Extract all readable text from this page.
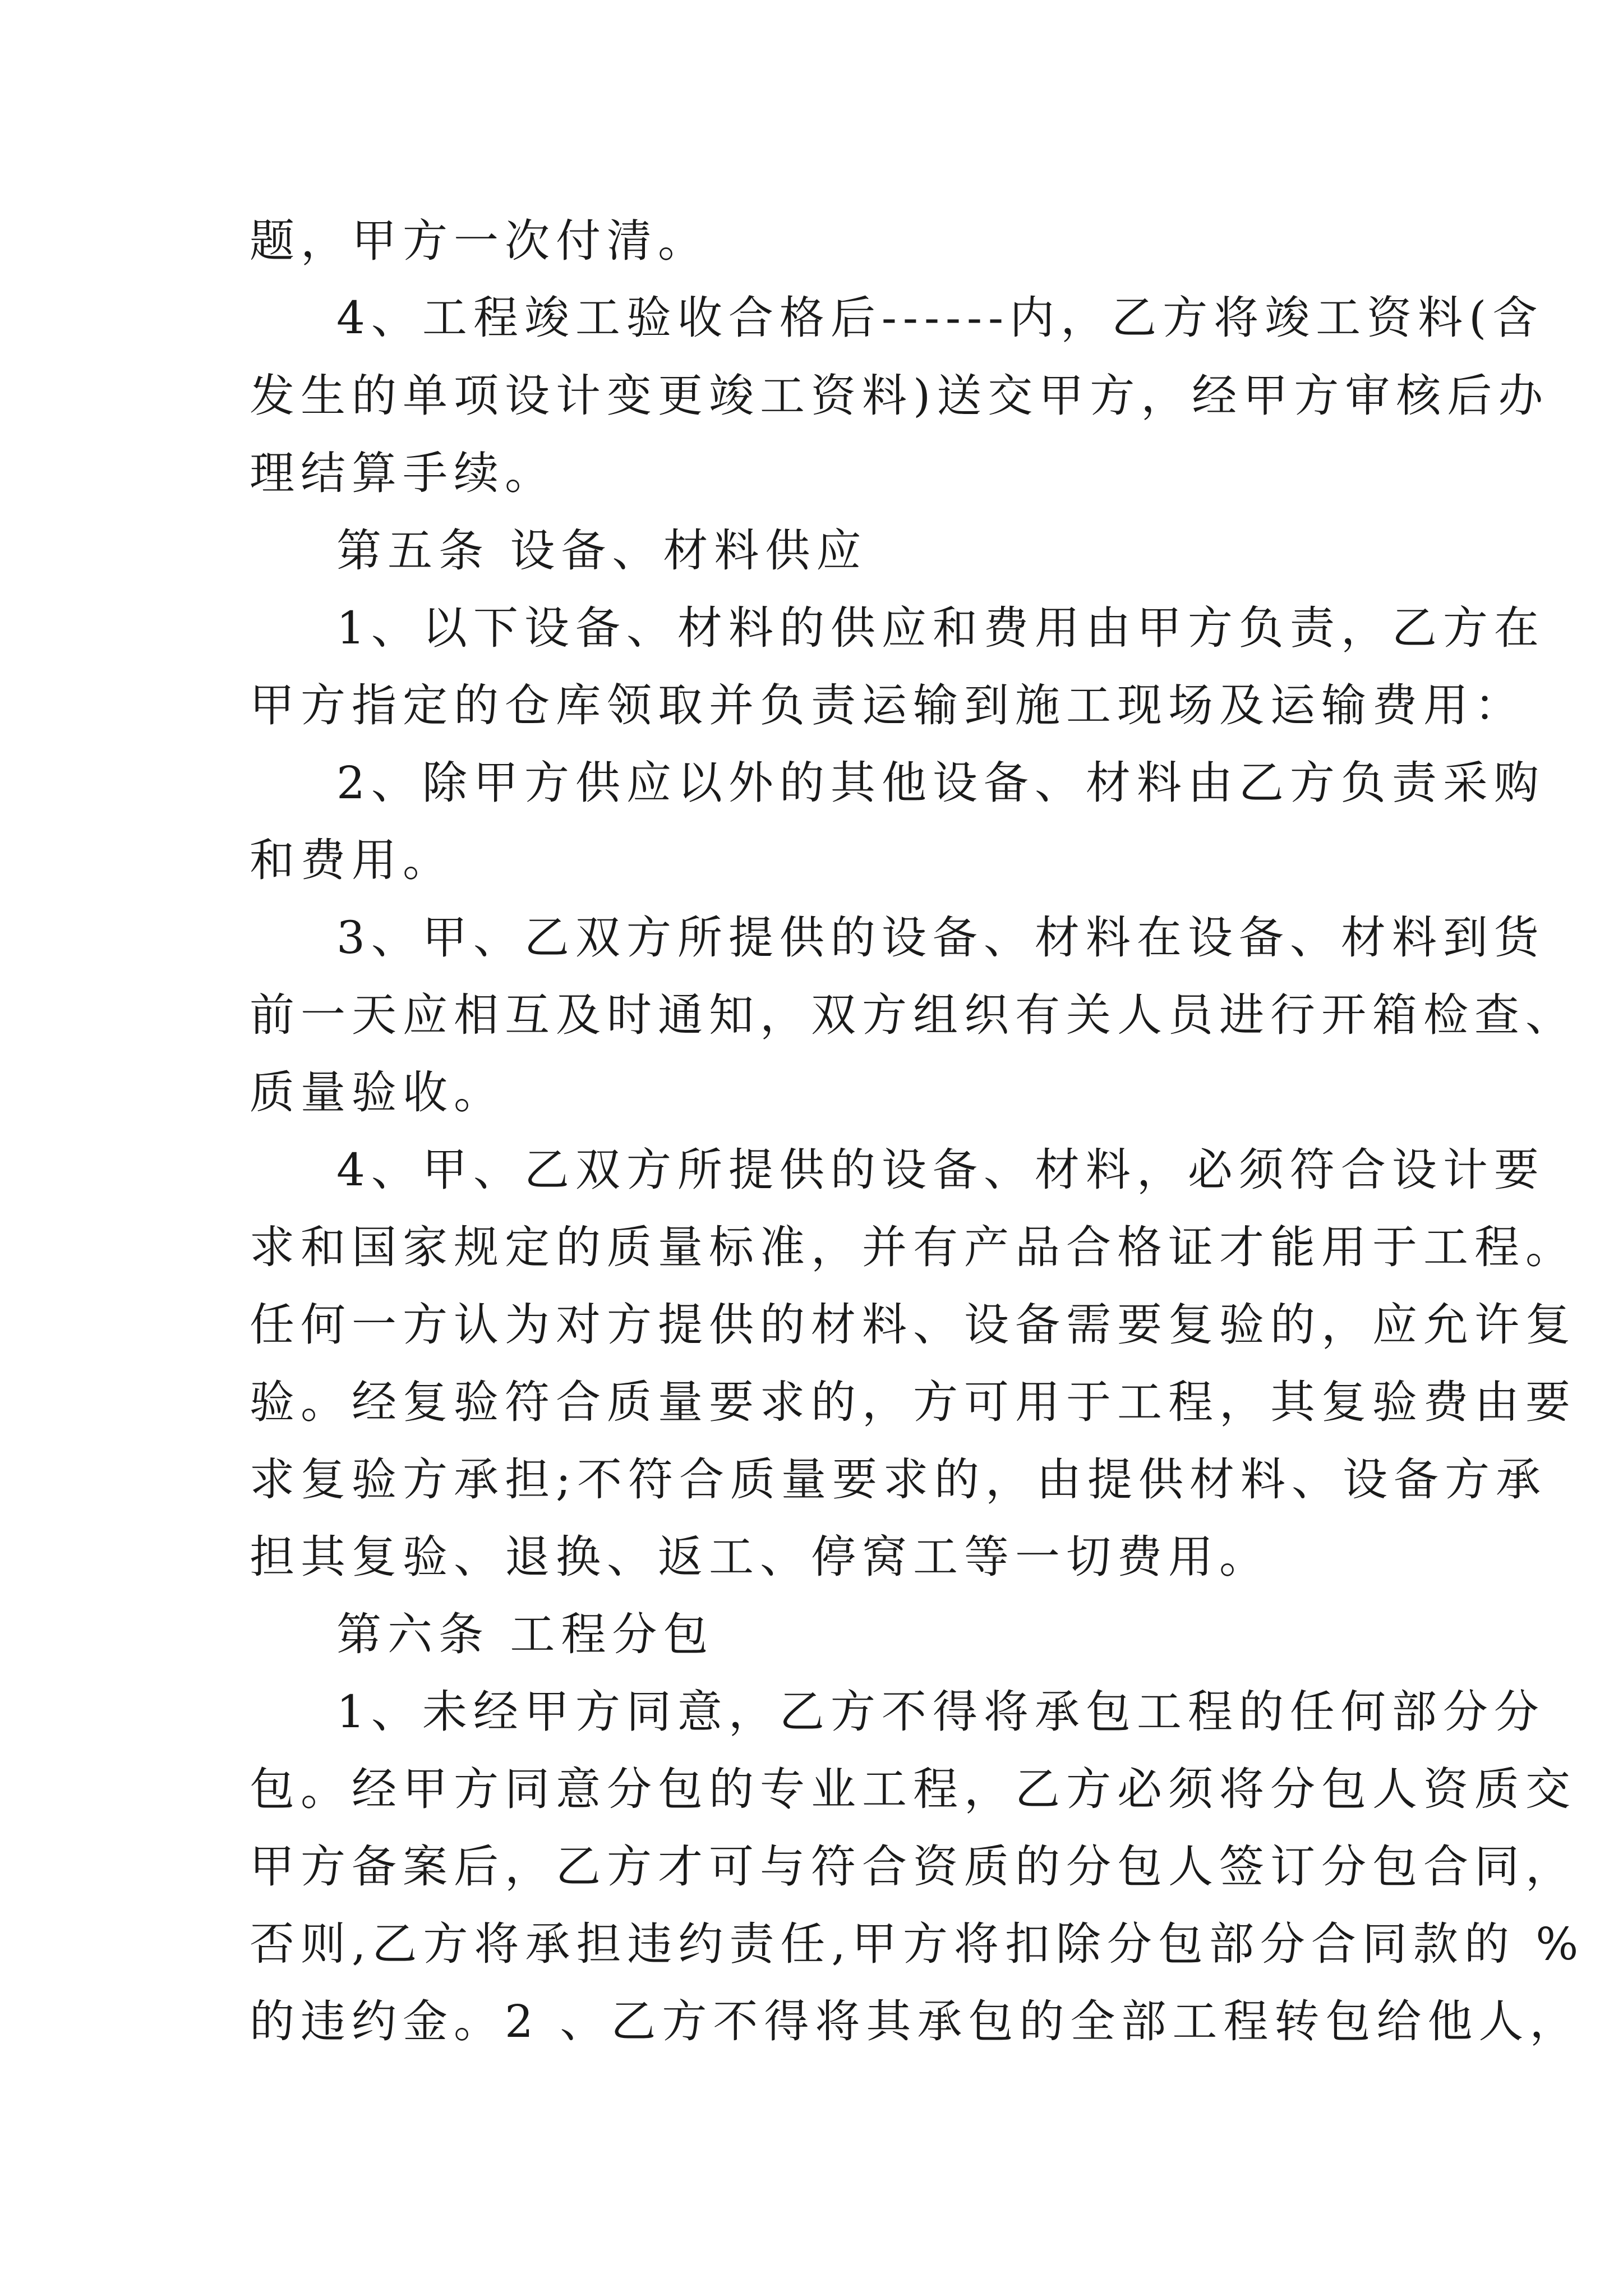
题，甲方一次付清。
4、工程竣工验收合格后------内，乙方将竣工资料(含
发生的单项设计变更竣工资料)送交甲方，经甲方审核后办
理结算手续。
第五条 设备、材料供应
1、以下设备、材料的供应和费用由甲方负责，乙方在
甲方指定的仓库领取并负责运输到施工现场及运输费用：
2、除甲方供应以外的其他设备、材料由乙方负责采购
和费用。
3、甲、乙双方所提供的设备、材料在设备、材料到货
前一天应相互及时通知，双方组织有关人员进行开箱检查、
质量验收。
4、甲、乙双方所提供的设备、材料，必须符合设计要
求和国家规定的质量标准，并有产品合格证才能用于工程。
任何一方认为对方提供的材料、设备需要复验的，应允许复
验。经复验符合质量要求的，方可用于工程，其复验费由要
求复验方承担;不符合质量要求的，由提供材料、设备方承
担其复验、退换、返工、停窝工等一切费用。
第六条 工程分包
1、未经甲方同意，乙方不得将承包工程的任何部分分
包。经甲方同意分包的专业工程，乙方必须将分包人资质交
甲方备案后，乙方才可与符合资质的分包人签订分包合同，
否则,乙方将承担违约责任,甲方将扣除分包部分合同款的 %
的违约金。2 、乙方不得将其承包的全部工程转包给他人，
